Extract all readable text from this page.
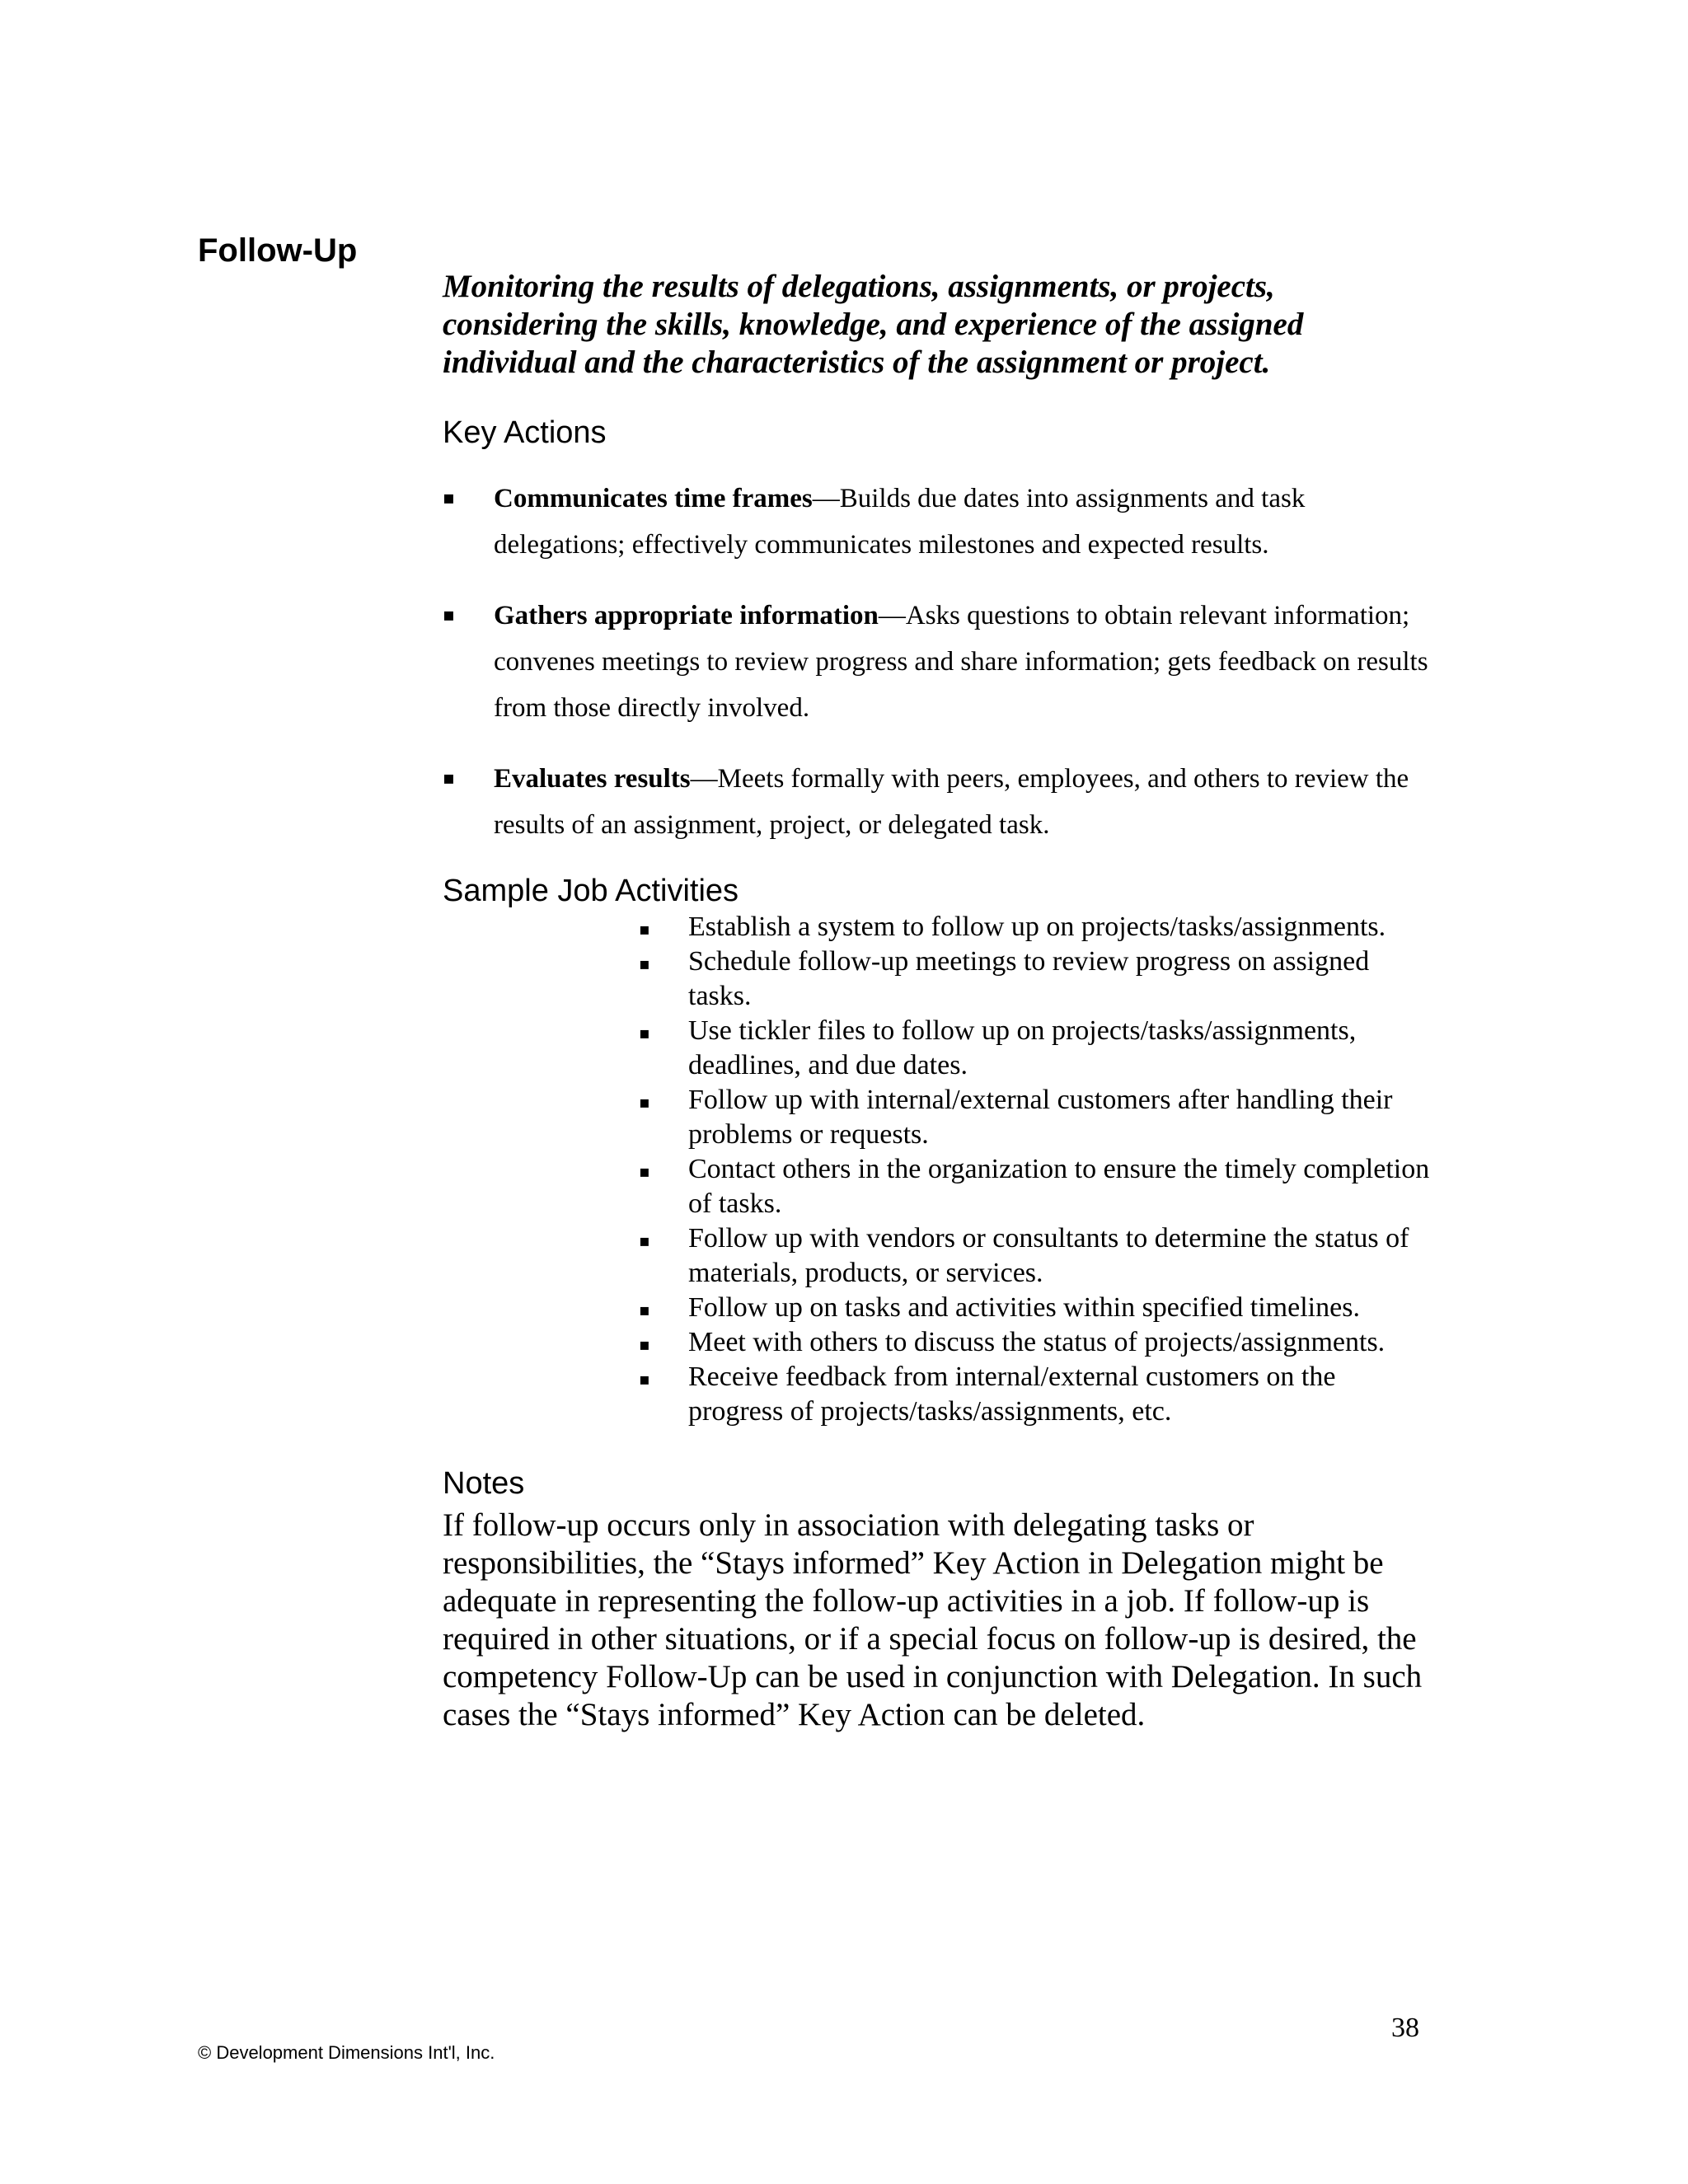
Follow-Up

Monitoring the results of delegations, assignments, or projects, considering the skills, knowledge, and experience of the assigned individual and the characteristics of the assignment or project.

Key Actions
▪ Communicates time frames—Builds due dates into assignments and task delegations; effectively communicates milestones and expected results.
▪ Gathers appropriate information—Asks questions to obtain relevant information; convenes meetings to review progress and share information; gets feedback on results from those directly involved.
▪ Evaluates results—Meets formally with peers, employees, and others to review the results of an assignment, project, or delegated task.
Sample Job Activities
▪ Establish a system to follow up on projects/tasks/assignments.
▪ Schedule follow-up meetings to review progress on assigned tasks.
▪ Use tickler files to follow up on projects/tasks/assignments, deadlines, and due dates.
▪ Follow up with internal/external customers after handling their problems or requests.
▪ Contact others in the organization to ensure the timely completion of tasks.
▪ Follow up with vendors or consultants to determine the status of materials, products, or services.
▪ Follow up on tasks and activities within specified timelines.
▪ Meet with others to discuss the status of projects/assignments.
▪ Receive feedback from internal/external customers on the progress of projects/tasks/assignments, etc.
Notes

If follow-up occurs only in association with delegating tasks or responsibilities, the “Stays informed” Key Action in Delegation might be adequate in representing the follow-up activities in a job. If follow-up is required in other situations, or if a special focus on follow-up is desired, the competency Follow-Up can be used in conjunction with Delegation. In such cases the “Stays informed” Key Action can be deleted.

© Development Dimensions Int'l, Inc.
38
